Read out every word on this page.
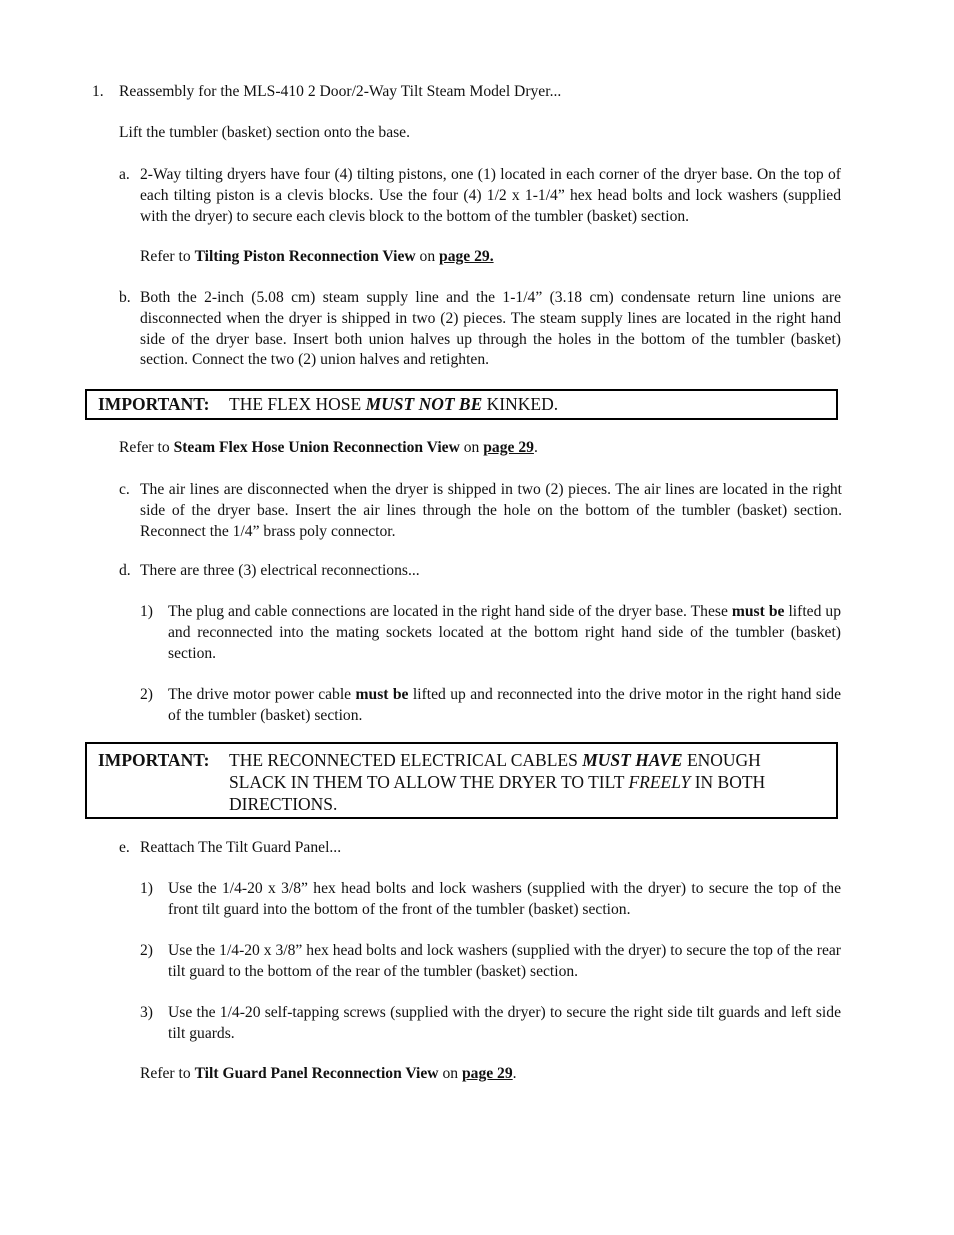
1. Reassembly for the MLS-410 2 Door/2-Way Tilt Steam Model Dryer...
Lift the tumbler (basket) section onto the base.
a. 2-Way tilting dryers have four (4) tilting pistons, one (1) located in each corner of the dryer base. On the top of each tilting piston is a clevis blocks. Use the four (4) 1/2 x 1-1/4” hex head bolts and lock washers (supplied with the dryer) to secure each clevis block to the bottom of the tumbler (basket) section.
Refer to Tilting Piston Reconnection View on page 29.
b. Both the 2-inch (5.08 cm) steam supply line and the 1-1/4” (3.18 cm) condensate return line unions are disconnected when the dryer is shipped in two (2) pieces. The steam supply lines are located in the right hand side of the dryer base. Insert both union halves up through the holes in the bottom of the tumbler (basket) section. Connect the two (2) union halves and retighten.
IMPORTANT: THE FLEX HOSE MUST NOT BE KINKED.
Refer to Steam Flex Hose Union Reconnection View on page 29.
c. The air lines are disconnected when the dryer is shipped in two (2) pieces. The air lines are located in the right side of the dryer base. Insert the air lines through the hole on the bottom of the tumbler (basket) section. Reconnect the 1/4” brass poly connector.
d. There are three (3) electrical reconnections...
1) The plug and cable connections are located in the right hand side of the dryer base. These must be lifted up and reconnected into the mating sockets located at the bottom right hand side of the tumbler (basket) section.
2) The drive motor power cable must be lifted up and reconnected into the drive motor in the right hand side of the tumbler (basket) section.
IMPORTANT: THE RECONNECTED ELECTRICAL CABLES MUST HAVE ENOUGH SLACK IN THEM TO ALLOW THE DRYER TO TILT FREELY IN BOTH DIRECTIONS.
e. Reattach The Tilt Guard Panel...
1) Use the 1/4-20 x 3/8” hex head bolts and lock washers (supplied with the dryer) to secure the top of the front tilt guard into the bottom of the front of the tumbler (basket) section.
2) Use the 1/4-20 x 3/8” hex head bolts and lock washers (supplied with the dryer) to secure the top of the rear tilt guard to the bottom of the rear of the tumbler (basket) section.
3) Use the 1/4-20 self-tapping screws (supplied with the dryer) to secure the right side tilt guards and left side tilt guards.
Refer to Tilt Guard Panel Reconnection View on page 29.
